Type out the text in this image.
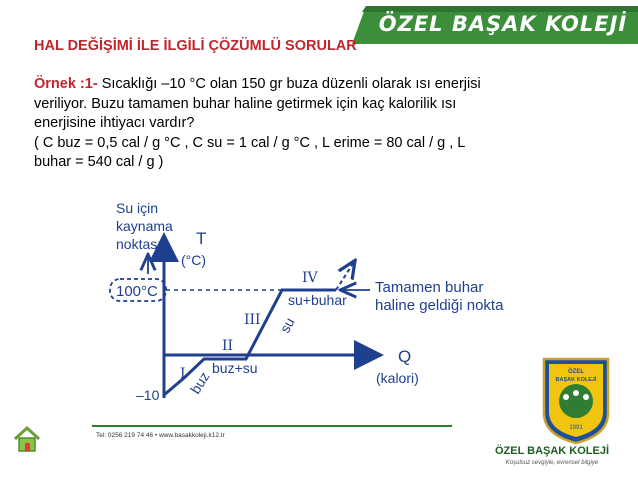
ÖZEL BAŞAK KOLEJİ
HAL DEĞİŞİMİ İLE İLGİLİ ÇÖZÜMLÜ SORULAR
Örnek :1- Sıcaklığı –10 °C olan 150 gr buza düzenli olarak ısı enerjisi
veriliyor. Buzu tamamen buhar haline getirmek için kaç kalorilik ısı
enerjisine ihtiyacı vardır?
( C buz = 0,5 cal / g °C , C su = 1 cal / g °C , L erime = 80 cal / g , L
buhar = 540 cal / g )
Su için
kaynama
noktası T
(°C)
Q
(kalori)
100°C
–10
I
II
III
IV
buz
buz+su
su
su+buhar
Tamamen buhar
haline geldiği nokta
Tel: 0256 219 74 46 • www.basakkoleji.k12.tr
ÖZEL
BAŞAK KOLEJİ
1991
ÖZEL BAŞAK KOLEJİ
Koşulsuz sevgiyle, evrensel bilgiye
